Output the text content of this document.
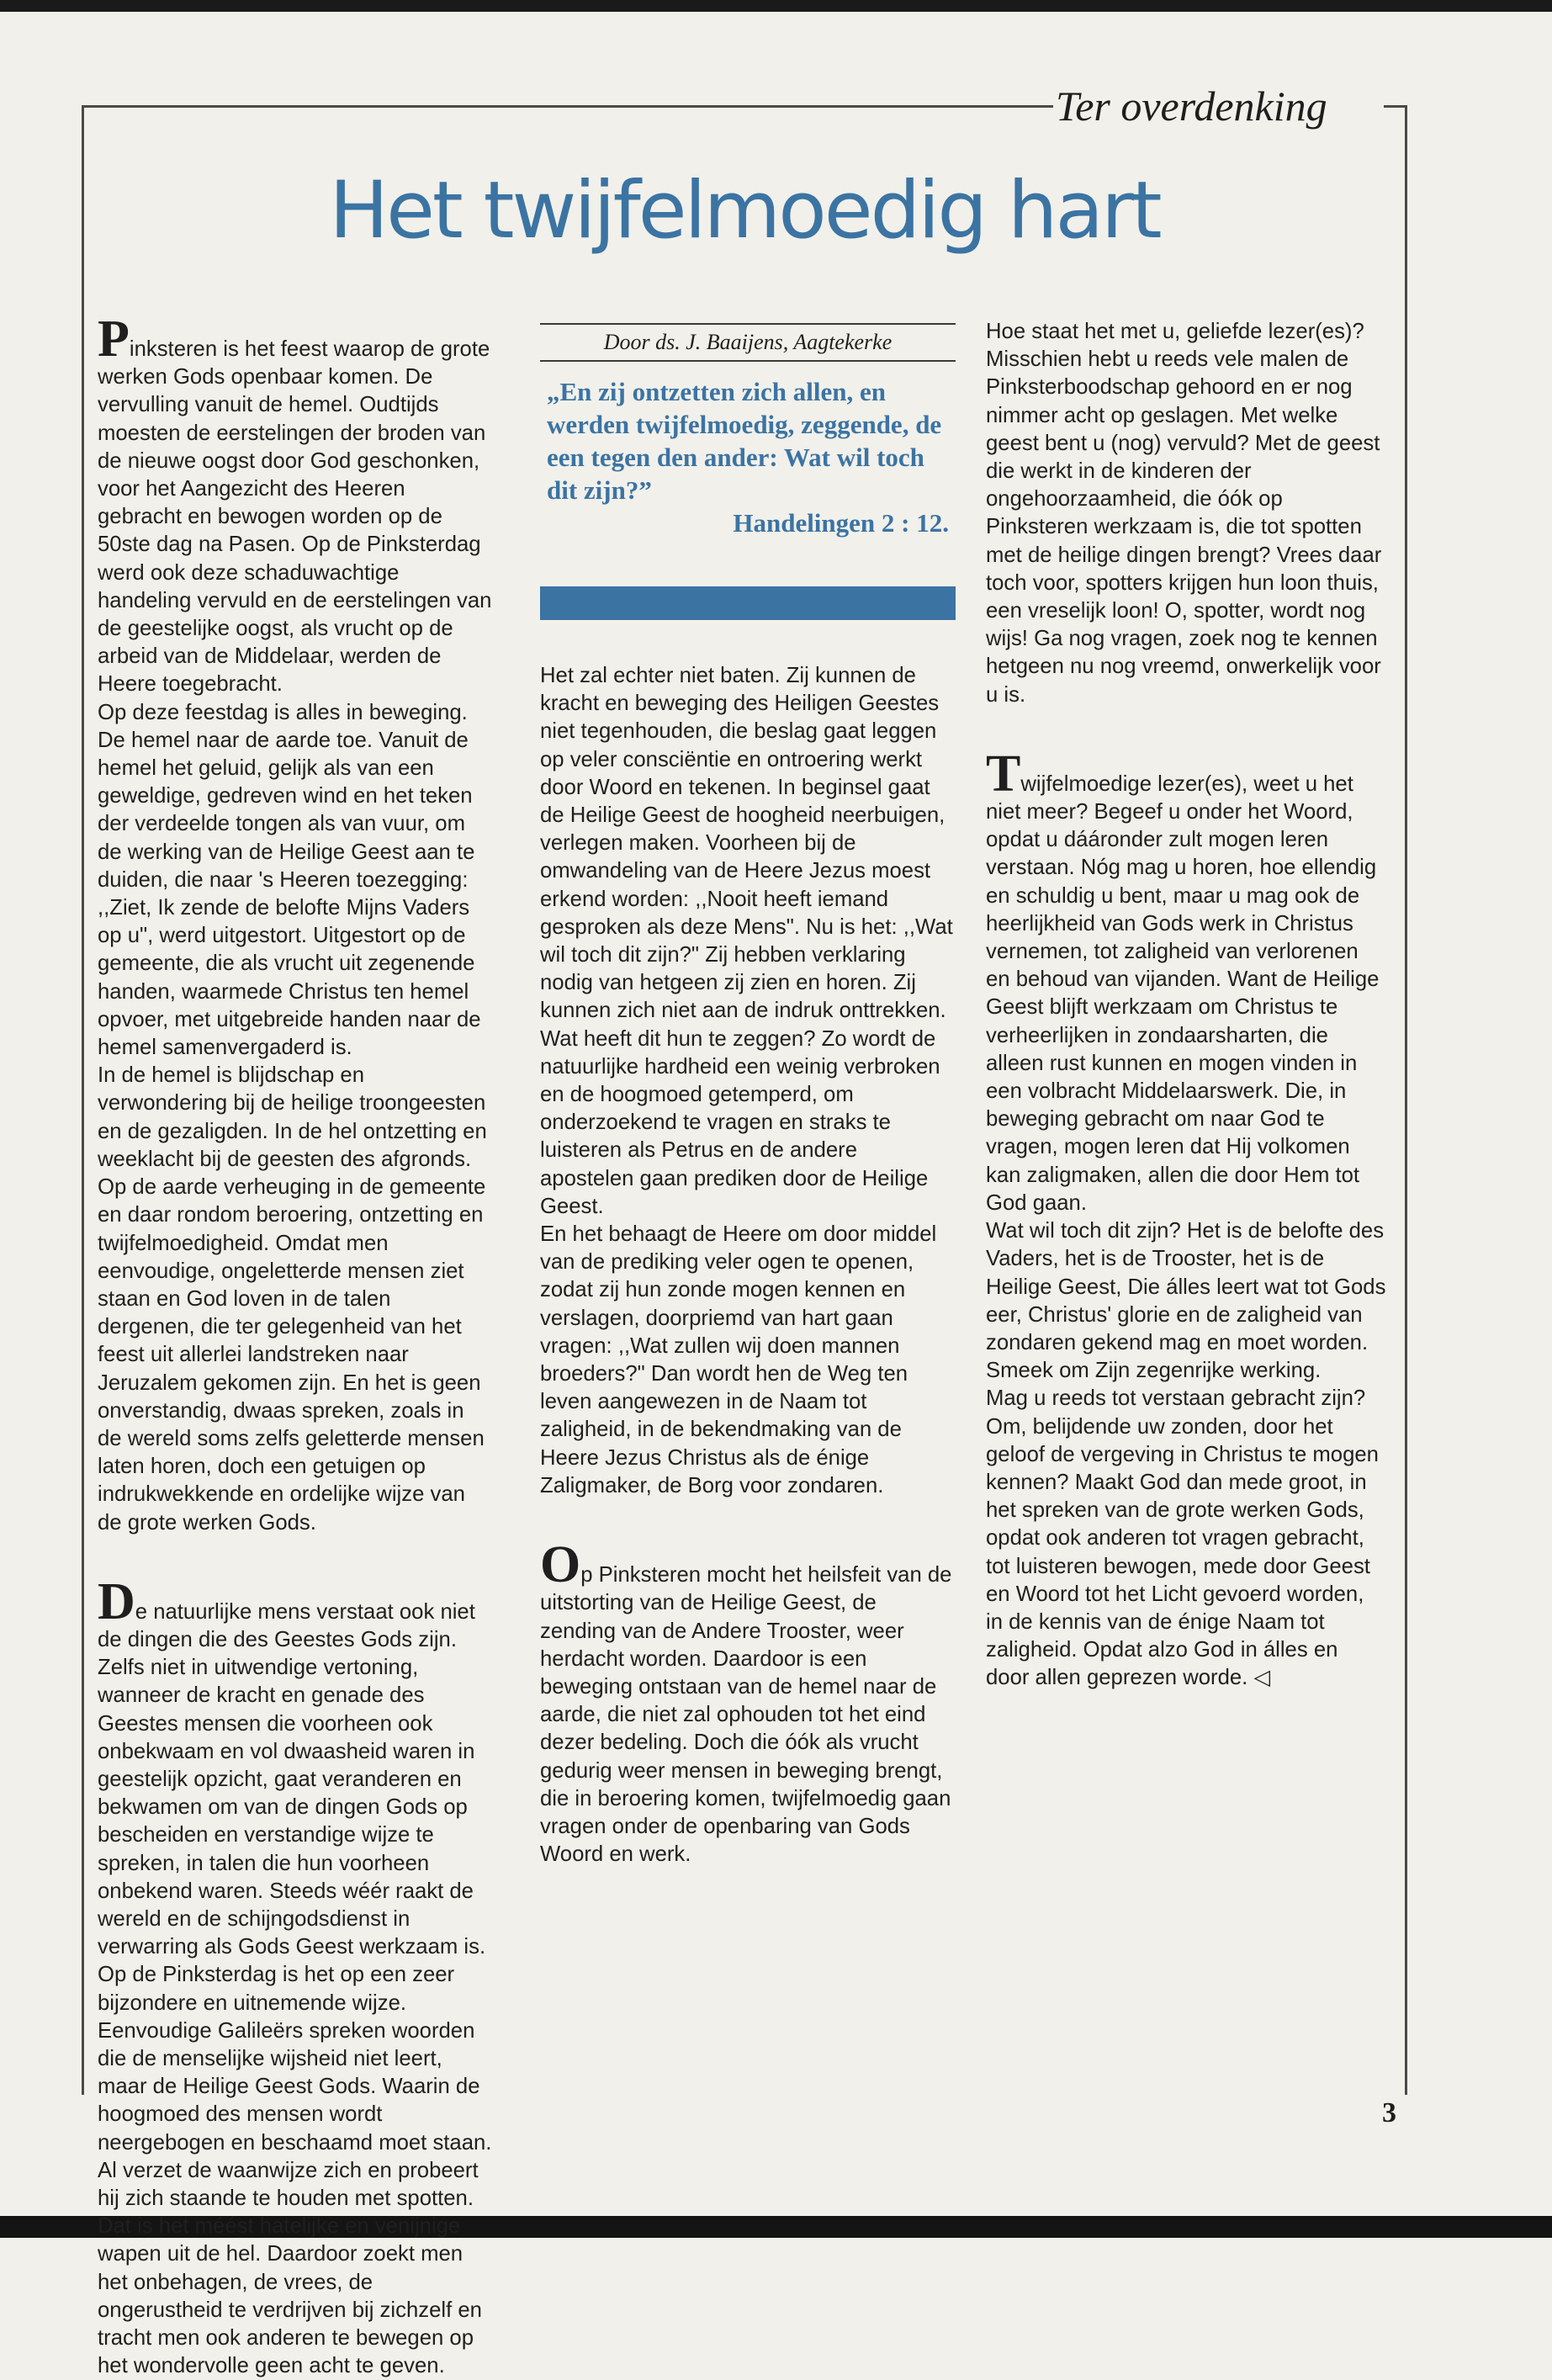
Ter overdenking
Het twijfelmoedig hart

Pinksteren is het feest waarop de grote werken Gods openbaar komen. De vervulling vanuit de hemel. Oudtijds moesten de eerstelingen der broden van de nieuwe oogst door God geschonken, voor het Aangezicht des Heeren gebracht en bewogen worden op de 50ste dag na Pasen. Op de Pinksterdag werd ook deze schaduwachtige handeling vervuld en de eerstelingen van de geestelijke oogst, als vrucht op de arbeid van de Middelaar, werden de Heere toegebracht.

Op deze feestdag is alles in beweging. De hemel naar de aarde toe. Vanuit de hemel het geluid, gelijk als van een geweldige, gedreven wind en het teken der verdeelde tongen als van vuur, om de werking van de Heilige Geest aan te duiden, die naar 's Heeren toezegging: ,,Ziet, Ik zende de belofte Mijns Vaders op u", werd uitgestort. Uitgestort op de gemeente, die als vrucht uit zegenende handen, waarmede Christus ten hemel opvoer, met uitgebreide handen naar de hemel samenvergaderd is.

In de hemel is blijdschap en verwondering bij de heilige troongeesten en de gezaligden. In de hel ontzetting en weeklacht bij de geesten des afgronds. Op de aarde verheuging in de gemeente en daar rondom beroering, ontzetting en twijfelmoedigheid. Omdat men eenvoudige, ongeletterde mensen ziet staan en God loven in de talen dergenen, die ter gelegenheid van het feest uit allerlei landstreken naar Jeruzalem gekomen zijn. En het is geen onverstandig, dwaas spreken, zoals in de wereld soms zelfs geletterde mensen laten horen, doch een getuigen op indrukwekkende en ordelijke wijze van de grote werken Gods.

De natuurlijke mens verstaat ook niet de dingen die des Geestes Gods zijn. Zelfs niet in uitwendige vertoning, wanneer de kracht en genade des Geestes mensen die voorheen ook onbekwaam en vol dwaasheid waren in geestelijk opzicht, gaat veranderen en bekwamen om van de dingen Gods op bescheiden en verstandige wijze te spreken, in talen die hun voorheen onbekend waren. Steeds wéér raakt de wereld en de schijngodsdienst in verwarring als Gods Geest werkzaam is. Op de Pinksterdag is het op een zeer bijzondere en uitnemende wijze. Eenvoudige Galileërs spreken woorden die de menselijke wijsheid niet leert, maar de Heilige Geest Gods. Waarin de hoogmoed des mensen wordt neergebogen en beschaamd moet staan. Al verzet de waanwijze zich en probeert hij zich staande te houden met spotten. Dat is het méést hatelijke en venijnige wapen uit de hel. Daardoor zoekt men het onbehagen, de vrees, de ongerustheid te verdrijven bij zichzelf en tracht men ook anderen te bewegen op het wondervolle geen acht te geven.

Door ds. J. Baaijens, Aagtekerke
„En zij ontzetten zich allen, en werden twijfelmoedig, zeggende, de een tegen den ander: Wat wil toch dit zijn?”
Handelingen 2 : 12.

Het zal echter niet baten. Zij kunnen de kracht en beweging des Heiligen Geestes niet tegenhouden, die beslag gaat leggen op veler consciëntie en ontroering werkt door Woord en tekenen. In beginsel gaat de Heilige Geest de hoogheid neerbuigen, verlegen maken. Voorheen bij de omwandeling van de Heere Jezus moest erkend worden: ,,Nooit heeft iemand gesproken als deze Mens". Nu is het: ,,Wat wil toch dit zijn?" Zij hebben verklaring nodig van hetgeen zij zien en horen. Zij kunnen zich niet aan de indruk onttrekken. Wat heeft dit hun te zeggen? Zo wordt de natuurlijke hardheid een weinig verbroken en de hoogmoed getemperd, om onderzoekend te vragen en straks te luisteren als Petrus en de andere apostelen gaan prediken door de Heilige Geest.

En het behaagt de Heere om door middel van de prediking veler ogen te openen, zodat zij hun zonde mogen kennen en verslagen, doorpriemd van hart gaan vragen: ,,Wat zullen wij doen mannen broeders?" Dan wordt hen de Weg ten leven aangewezen in de Naam tot zaligheid, in de bekendmaking van de Heere Jezus Christus als de énige Zaligmaker, de Borg voor zondaren.

Op Pinksteren mocht het heilsfeit van de uitstorting van de Heilige Geest, de zending van de Andere Trooster, weer herdacht worden. Daardoor is een beweging ontstaan van de hemel naar de aarde, die niet zal ophouden tot het eind dezer bedeling. Doch die óók als vrucht gedurig weer mensen in beweging brengt, die in beroering komen, twijfelmoedig gaan vragen onder de openbaring van Gods Woord en werk.

Hoe staat het met u, geliefde lezer(es)? Misschien hebt u reeds vele malen de Pinksterboodschap gehoord en er nog nimmer acht op geslagen. Met welke geest bent u (nog) vervuld? Met de geest die werkt in de kinderen der ongehoorzaamheid, die óók op Pinksteren werkzaam is, die tot spotten met de heilige dingen brengt? Vrees daar toch voor, spotters krijgen hun loon thuis, een vreselijk loon! O, spotter, wordt nog wijs! Ga nog vragen, zoek nog te kennen hetgeen nu nog vreemd, onwerkelijk voor u is.

Twijfelmoedige lezer(es), weet u het niet meer? Begeef u onder het Woord, opdat u dááronder zult mogen leren verstaan. Nóg mag u horen, hoe ellendig en schuldig u bent, maar u mag ook de heerlijkheid van Gods werk in Christus vernemen, tot zaligheid van verlorenen en behoud van vijanden. Want de Heilige Geest blijft werkzaam om Christus te verheerlijken in zondaarsharten, die alleen rust kunnen en mogen vinden in een volbracht Middelaarswerk. Die, in beweging gebracht om naar God te vragen, mogen leren dat Hij volkomen kan zaligmaken, allen die door Hem tot God gaan.

Wat wil toch dit zijn? Het is de belofte des Vaders, het is de Trooster, het is de Heilige Geest, Die álles leert wat tot Gods eer, Christus' glorie en de zaligheid van zondaren gekend mag en moet worden. Smeek om Zijn zegenrijke werking.

Mag u reeds tot verstaan gebracht zijn? Om, belijdende uw zonden, door het geloof de vergeving in Christus te mogen kennen? Maakt God dan mede groot, in het spreken van de grote werken Gods, opdat ook anderen tot vragen gebracht, tot luisteren bewogen, mede door Geest en Woord tot het Licht gevoerd worden, in de kennis van de énige Naam tot zaligheid. Opdat alzo God in álles en door allen geprezen worde. ◁

3
